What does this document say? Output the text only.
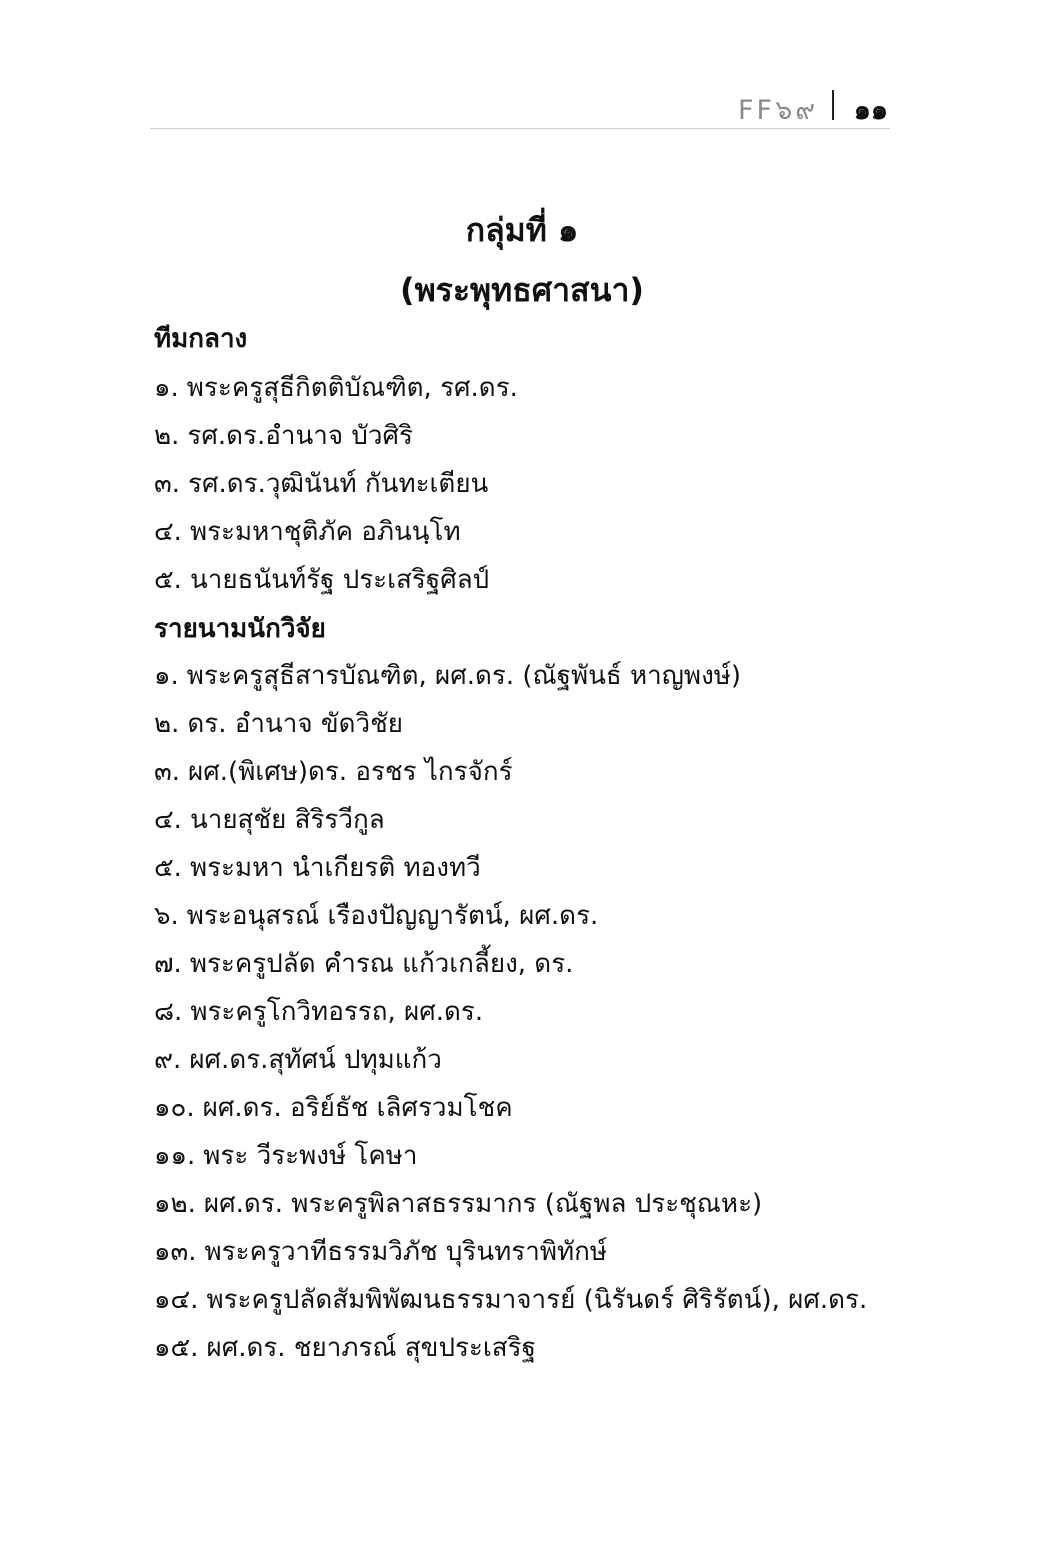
FF๖๙ ๑๑
กลุ่มที่ ๑
(พระพุทธศาสนา)
ทีมกลาง
๑. พระครูสุธีกิตติบัณฑิต, รศ.ดร.
๒. รศ.ดร.อำนาจ บัวศิริ
๓. รศ.ดร.วุฒินันท์ กันทะเตียน
๔. พระมหาชุติภัค อภินนฺโท
๕. นายธนันท์รัฐ ประเสริฐศิลป์
รายนามนักวิจัย
๑. พระครูสุธีสารบัณฑิต, ผศ.ดร. (ณัฐพันธ์ หาญพงษ์)
๒. ดร. อำนาจ ขัดวิชัย
๓. ผศ.(พิเศษ)ดร. อรชร ไกรจักร์
๔. นายสุชัย สิริรวีกูล
๕. พระมหา นำเกียรติ ทองทวี
๖. พระอนุสรณ์ เรืองปัญญารัตน์, ผศ.ดร.
๗. พระครูปลัด คำรณ แก้วเกลี้ยง, ดร.
๘. พระครูโกวิทอรรถ, ผศ.ดร.
๙. ผศ.ดร.สุทัศน์ ปทุมแก้ว
๑๐. ผศ.ดร. อริย์ธัช เลิศรวมโชค
๑๑. พระ วีระพงษ์ โคษา
๑๒. ผศ.ดร. พระครูพิลาสธรรมากร (ณัฐพล ประชุณหะ)
๑๓. พระครูวาทีธรรมวิภัช บุรินทราพิทักษ์
๑๔. พระครูปลัดสัมพิพัฒนธรรมาจารย์ (นิรันดร์ ศิริรัตน์), ผศ.ดร.
๑๕. ผศ.ดร. ชยาภรณ์ สุขประเสริฐ
